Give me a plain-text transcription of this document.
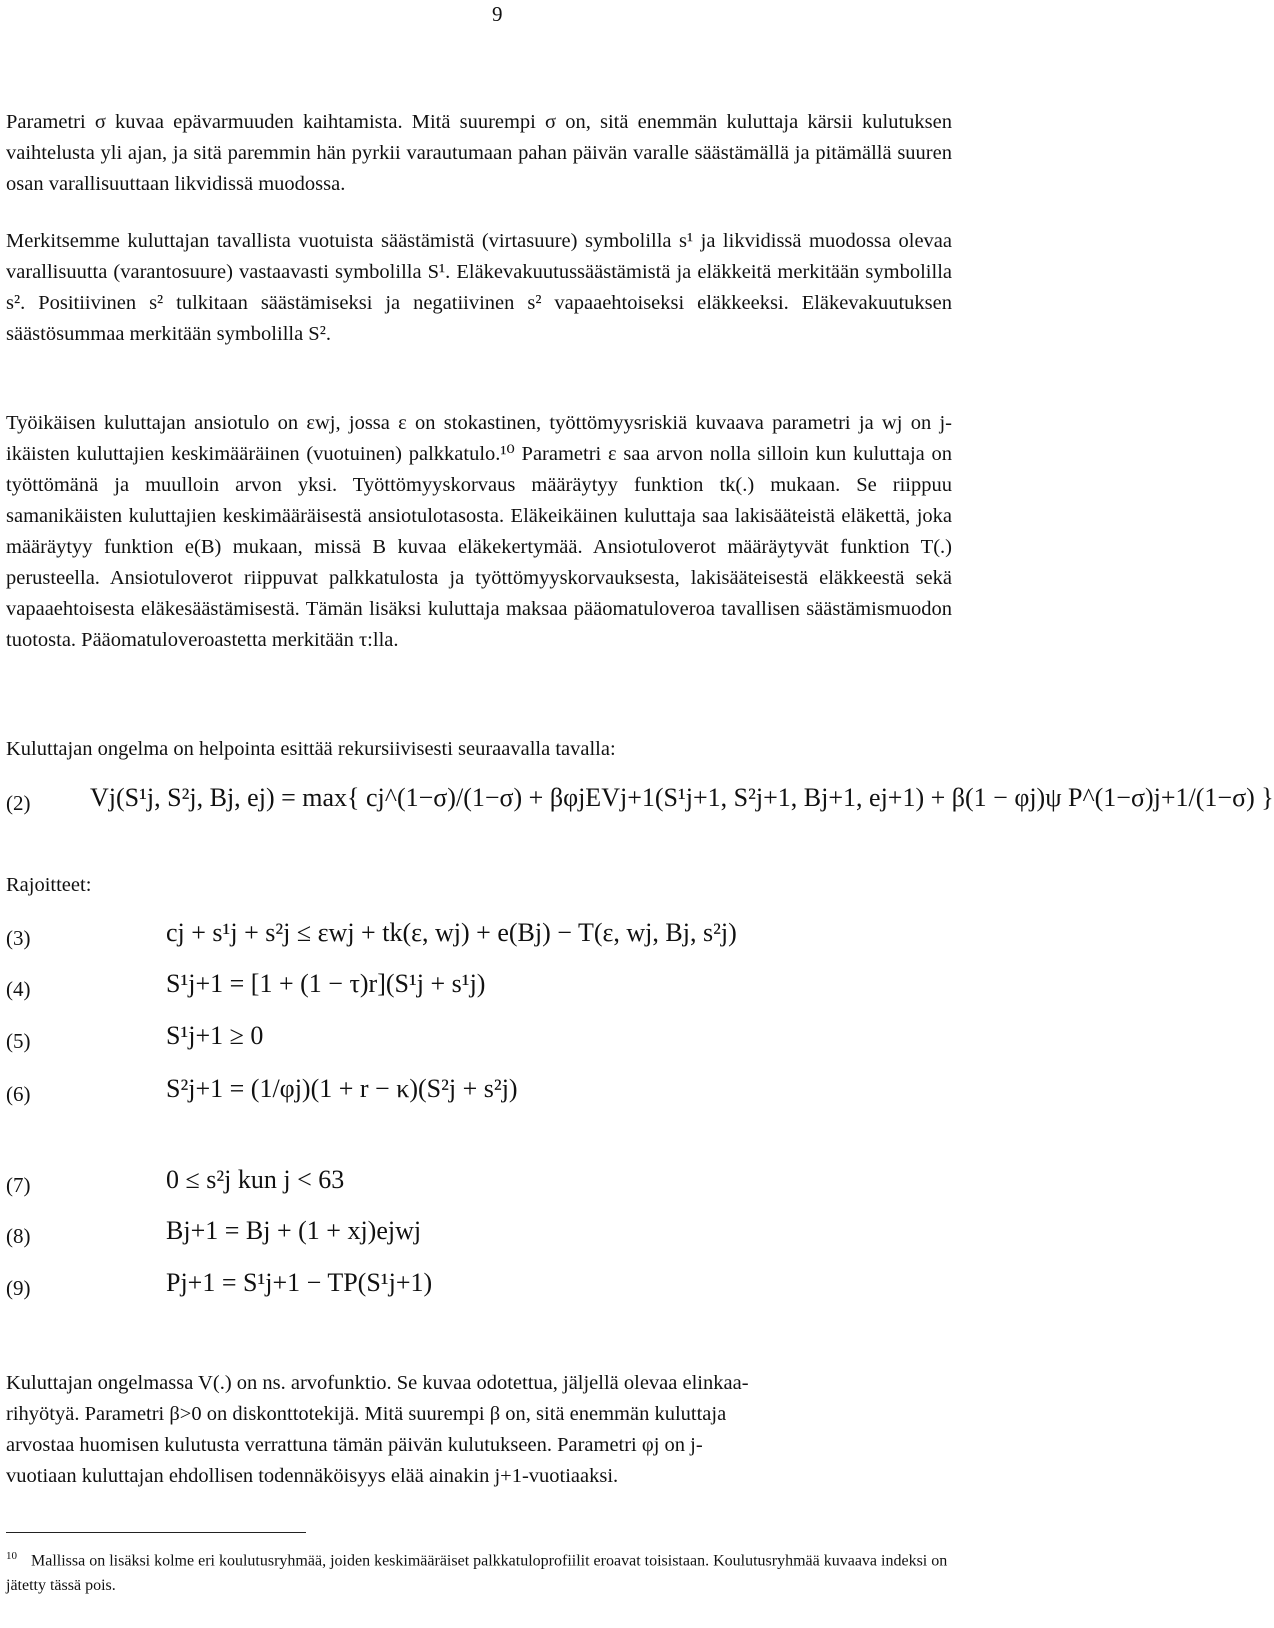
9

Parametri σ kuvaa epävarmuuden kaihtamista. Mitä suurempi σ on, sitä enemmän kuluttaja kärsii kulutuksen vaihtelusta yli ajan, ja sitä paremmin hän pyrkii varautumaan pahan päivän varalle säästämällä ja pitämällä suuren osan varallisuuttaan likvidissä muodossa.

Merkitsemme kuluttajan tavallista vuotuista säästämistä (virtasuure) symbolilla s¹ ja likvidissä muodossa olevaa varallisuutta (varantosuure) vastaavasti symbolilla S¹. Eläkevakuutussäästämistä ja eläkkeitä merkitään symbolilla s². Positiivinen s² tulkitaan säästämiseksi ja negatiivinen s² vapaaehtoiseksi eläkkeeksi. Eläkevakuutuksen säästösummaa merkitään symbolilla S².

Työikäisen kuluttajan ansiotulo on εwj, jossa ε on stokastinen, työttömyysriskiä kuvaava parametri ja wj on j-ikäisten kuluttajien keskimääräinen (vuotuinen) palkkatulo.¹⁰ Parametri ε saa arvon nolla silloin kun kuluttaja on työttömänä ja muulloin arvon yksi. Työttömyyskorvaus määräytyy funktion tk(.) mukaan. Se riippuu samanikäisten kuluttajien keskimääräisestä ansiotulotasosta. Eläkeikäinen kuluttaja saa lakisääteistä eläkettä, joka määräytyy funktion e(B) mukaan, missä B kuvaa eläkekertymää. Ansiotuloverot määräytyvät funktion T(.) perusteella. Ansiotuloverot riippuvat palkkatulosta ja työttömyyskorvauksesta, lakisääteisestä eläkkeestä sekä vapaaehtoisesta eläkesäästämisestä. Tämän lisäksi kuluttaja maksaa pääomatuloveroa tavallisen säästämismuodon tuotosta. Pääomatuloveroastetta merkitään τ:lla.

Kuluttajan ongelma on helpointa esittää rekursiivisesti seuraavalla tavalla:

(2) Vj(S¹j, S²j, Bj, ej) = max{ cj^(1−σ)/(1−σ) + βφjEVj+1(S¹j+1, S²j+1, Bj+1, ej+1) + β(1 − φj)ψ P^(1−σ)j+1/(1−σ) }

Rajoitteet:

(3)	cj + s¹j + s²j ≤ εwj + tk(ε, wj) + e(Bj) − T(ε, wj, Bj, s²j)
(4)	S¹j+1 = [1 + (1 − τ)r](S¹j + s¹j)
(5)	S¹j+1 ≥ 0
(6)	S²j+1 = (1/φj)(1 + r − κ)(S²j + s²j)
(7)	0 ≤ s²j kun j < 63
(8)	Bj+1 = Bj + (1 + xj)ejwj
(9)	Pj+1 = S¹j+1 − TP(S¹j+1)

Kuluttajan ongelmassa V(.) on ns. arvofunktio. Se kuvaa odotettua, jäljellä olevaa elinkaa-
rihyötyä. Parametri β>0 on diskonttotekijä. Mitä suurempi β on, sitä enemmän kuluttaja
arvostaa huomisen kulutusta verrattuna tämän päivän kulutukseen. Parametri φj on j-
vuotiaan kuluttajan ehdollisen todennäköisyys elää ainakin j+1-vuotiaaksi.

$^{10}$ Mallissa on lisäksi kolme eri koulutusryhmää, joiden keskimääräiset palkkatuloprofiilit eroavat toisistaan. Koulutusryhmää kuvaava indeksi on jätetty tässä pois.
